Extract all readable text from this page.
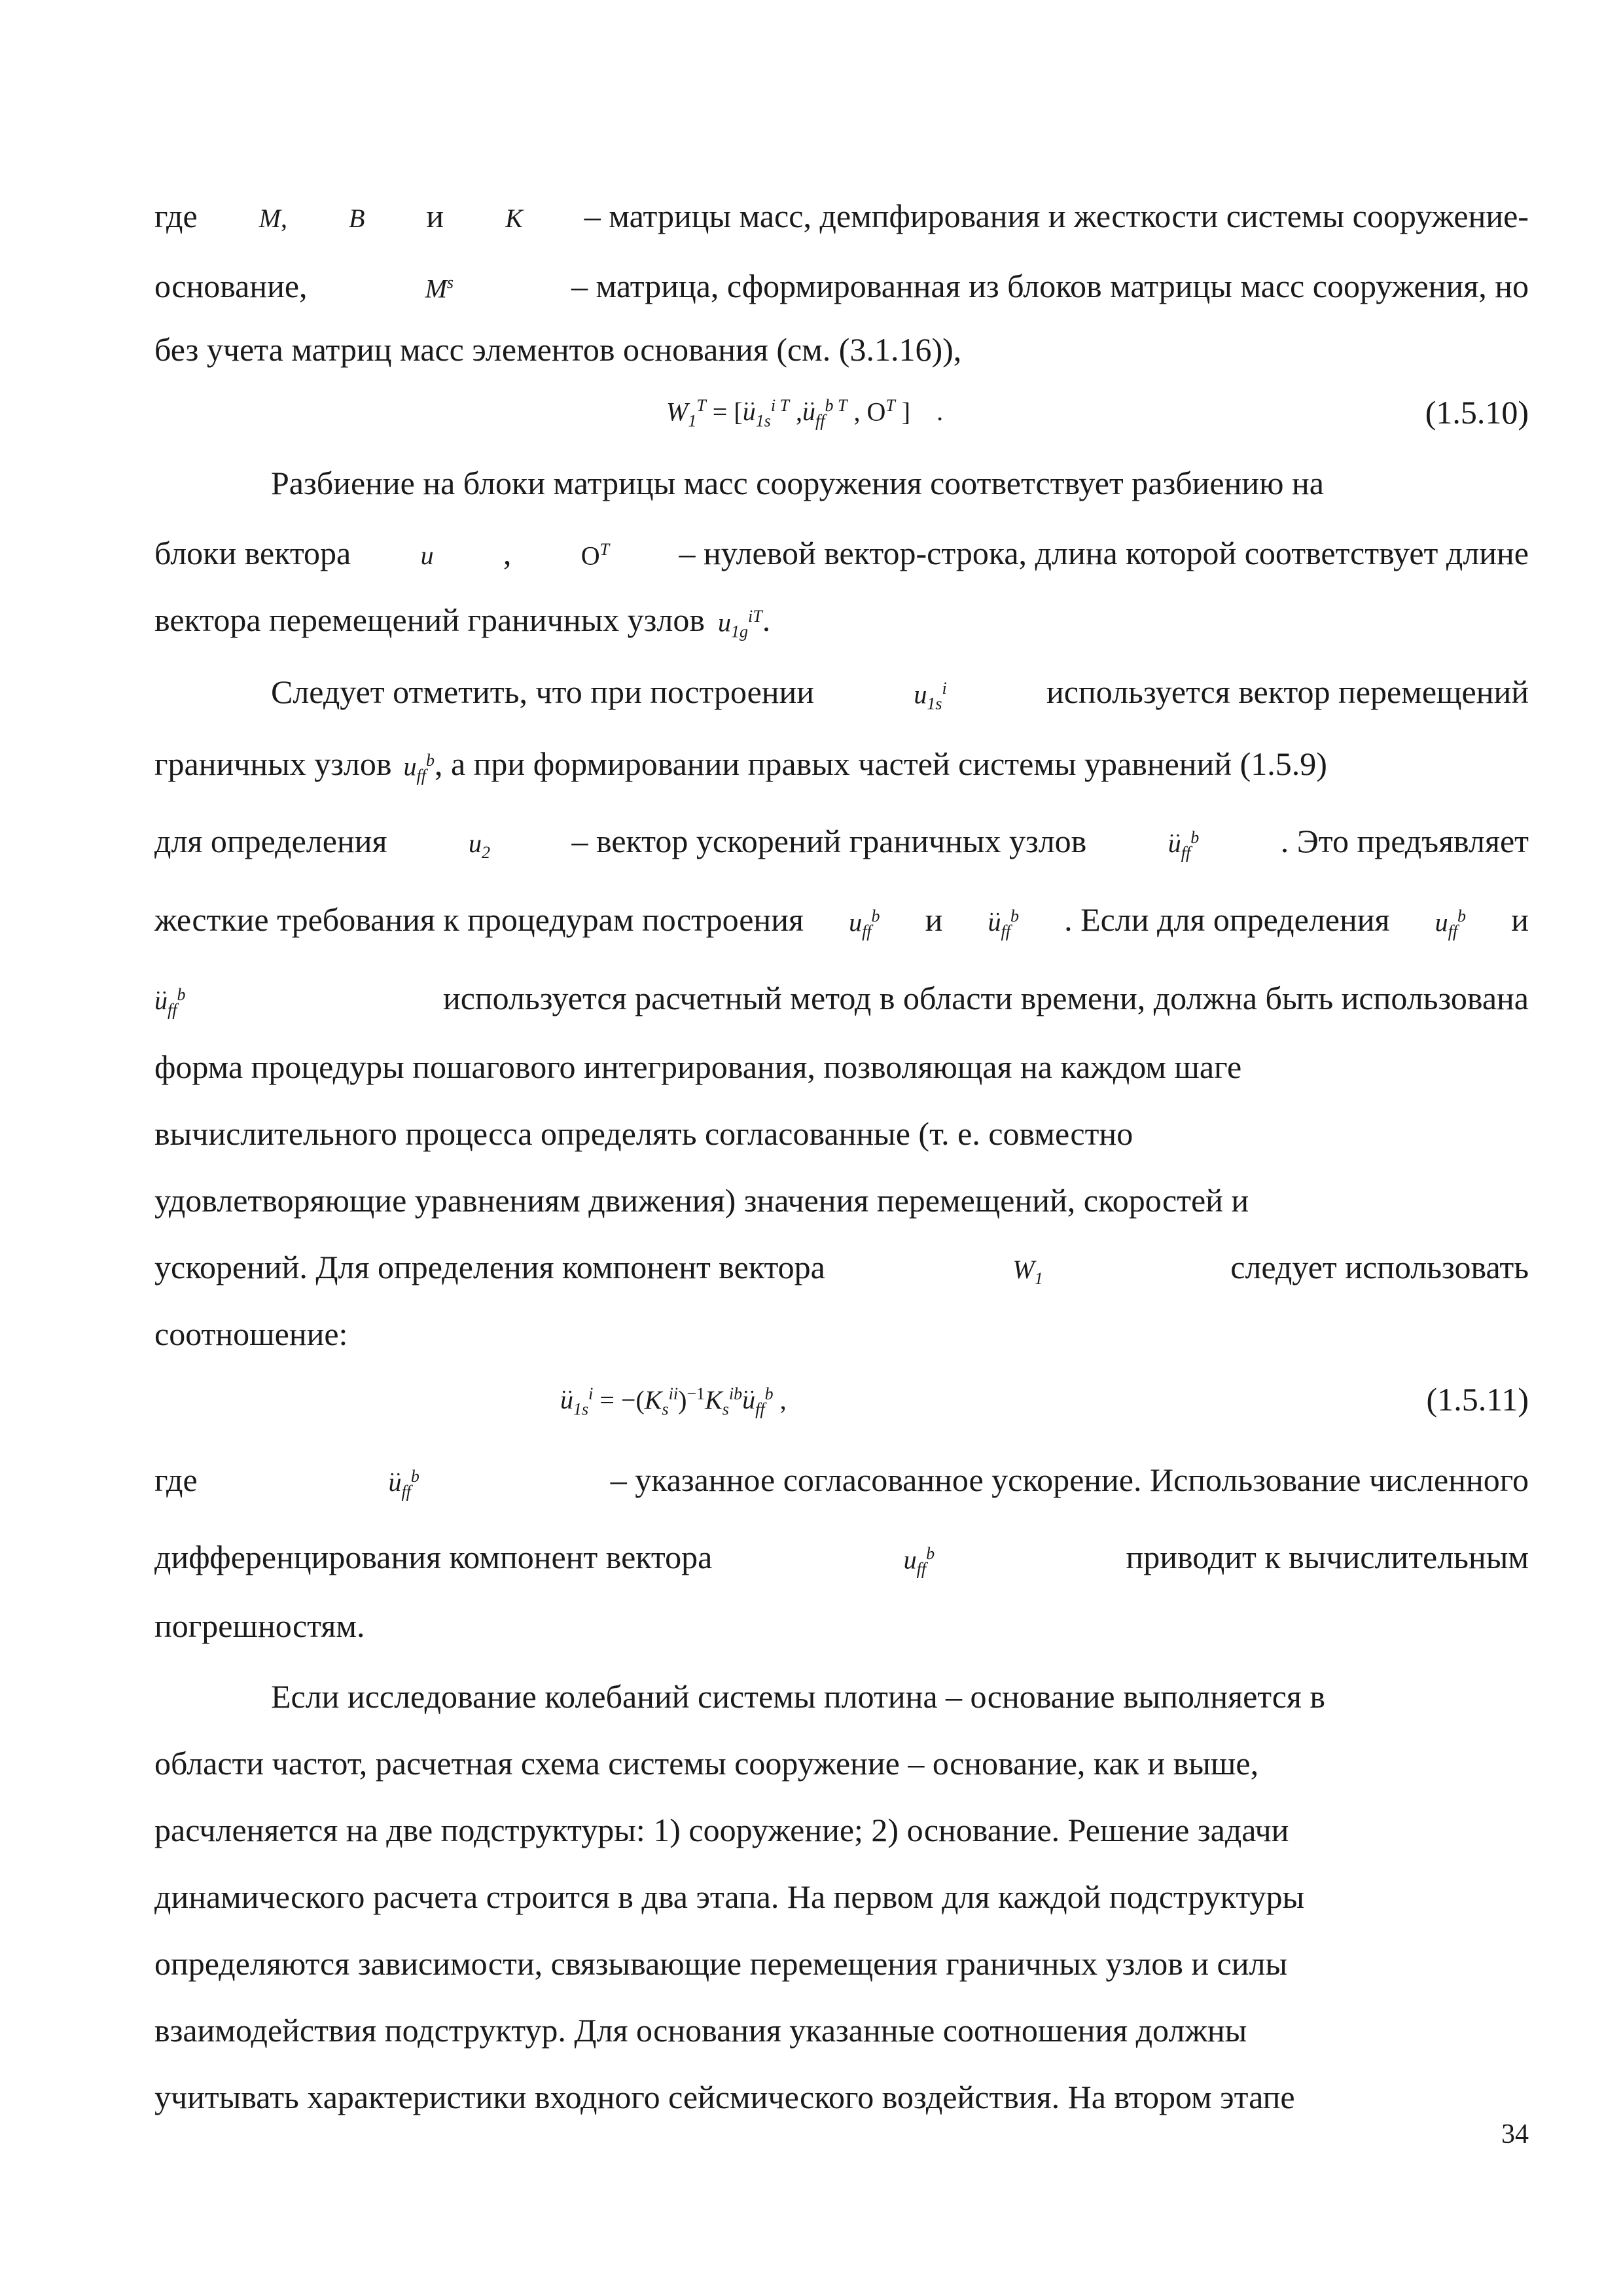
где M, B и K – матрицы масс, демпфирования и жесткости системы сооружение-
основание,	$M^s$	– матрица, сформированная из блоков матрицы масс сооружения, но
без учета матриц масс элементов основания (см. (3.1.16)),
$W_1^T$ = [.. $u_{1s}^{i T}$ ,.. $u_{ff}^{b T}$ , $O^T$ ] .	(1.5.10)
Разбиение на блоки матрицы масс сооружения соответствует разбиению на
блоки вектора	u ,	$O^T$ – нулевой вектор-строка, длина которой соответствует длине
вектора перемещений граничных узлов $u_{1g}^{iT}$ .
Следует отметить, что при построении	$u_{1s}^i$	используется вектор перемещений
граничных узлов $u_{ff}^b$ , а при формировании правых частей системы уравнений (1.5.9)
для определения	$u_2$ – вектор ускорений граничных узлов	.. $u_{ff}^b$ . Это предъявляет
жесткие требования к процедурам построения $u_{ff}^b$ и .. $u_{ff}^b$ . Если для определения $u_{ff}^b$ и
.. $u_{ff}^b$	используется расчетный метод в области времени, должна быть использована
форма процедуры пошагового интегрирования, позволяющая на каждом шаге
вычислительного процесса определять согласованные (т. е. совместно
удовлетворяющие уравнениям движения) значения перемещений, скоростей и
ускорений. Для определения компонент вектора	$W_1$	следует использовать
соотношение:
.. $u_{1s}^i = -(K_s^{ii})^{-1}K_s^{ib}$.. $u_{ff}^b$ ,	(1.5.11)
где	.. $u_{ff}^b$	– указанное согласованное ускорение. Использование численного
дифференцирования компонент вектора	$u_{ff}^b$	приводит к вычислительным
погрешностям.
Если исследование колебаний системы плотина – основание выполняется в
области частот, расчетная схема системы сооружение – основание, как и выше,
расчленяется на две подструктуры: 1) сооружение; 2) основание. Решение задачи
динамического расчета строится в два этапа. На первом для каждой подструктуры
определяются зависимости, связывающие перемещения граничных узлов и силы
взаимодействия подструктур. Для основания указанные соотношения должны
учитывать характеристики входного сейсмического воздействия. На втором этапе
34
